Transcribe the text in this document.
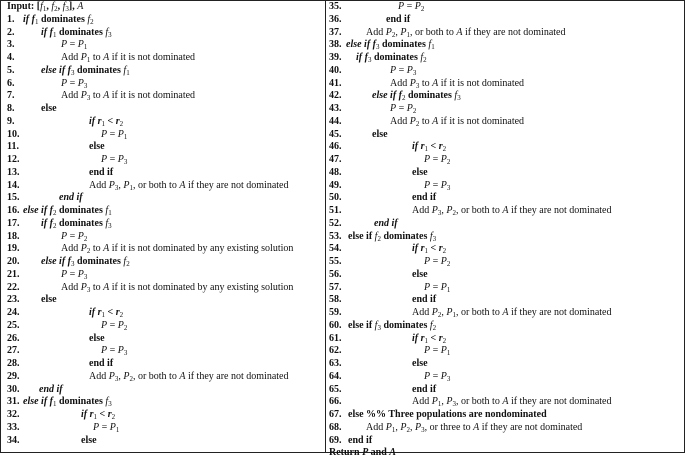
Input: [$f_1$, $f_2$, $f_3$], A
1. if $f_1$ dominates $f_2$
2.	if $f_1$ dominates $f_3$
3.	$P = P_1$
4.	Add $P_1$ to A if it is not dominated
5.	else if $f_3$ dominates $f_1$
6.	$P = P_3$
7.	Add $P_3$ to A if it is not dominated
8.	else
9.	if $r_1 < r_2$
10.	$P = P_1$
11.	else
12.	$P = P_3$
13.	end if
14.	Add $P_3$, $P_1$, or both to A if they are not dominated
15.	end if
16. else if $f_2$ dominates $f_1$
17. if $f_2$ dominates $f_3$
18.	$P = P_2$
19.	Add $P_2$ to A if it is not dominated by any existing solution
20. else if $f_3$ dominates $f_2$
21.	$P = P_3$
22.	Add $P_3$ to A if it is not dominated by any existing solution
23. else
24.	if $r_1 < r_2$
25.	$P = P_2$
26.	else
27.	$P = P_3$
28.	end if
29.	Add $P_3$, $P_2$, or both to A if they are not dominated
30. end if
31. else if $f_1$ dominates $f_3$
32.	if $r_1 < r_2$
33.	$P = P_1$
34.	else
35.	$P = P_2$
36.	end if
37. Add $P_2$, $P_1$, or both to A if they are not dominated
38. else if $f_3$ dominates $f_1$
39. if $f_3$ dominates $f_2$
40.	$P = P_3$
41.	Add $P_3$ to A if it is not dominated
42.	else if $f_2$ dominates $f_3$
43.	$P = P_2$
44.	Add $P_2$ to A if it is not dominated
45.	else
46.	if $r_1 < r_2$
47.	$P = P_2$
48.	else
49.	$P = P_3$
50.	end if
51.	Add $P_3$, $P_2$, or both to A if they are not dominated
52.	end if
53. else if $f_2$ dominates $f_3$
54.	if $r_1 < r_2$
55.	$P = P_2$
56.	else
57.	$P = P_1$
58.	end if
59.	Add $P_2$, $P_1$, or both to A if they are not dominated
60. else if $f_3$ dominates $f_2$
61.	if $r_1 < r_2$
62.	$P = P_1$
63.	else
64.	$P = P_3$
65.	end if
66.	Add $P_1$, $P_3$, or both to A if they are not dominated
67. else %% Three populations are nondominated
68. Add $P_1$, $P_2$, $P_3$, or three to A if they are not dominated
69. end if
Return P and A
